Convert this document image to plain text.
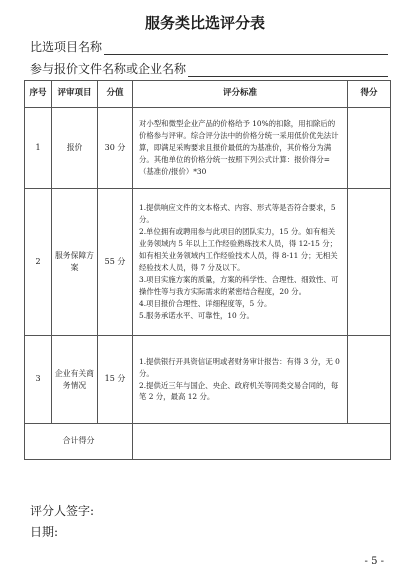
服务类比选评分表
比选项目名称
参与报价文件名称或企业名称
序号	评审项目	分值	评分标准	得分
1	报价	30 分	对小型和微型企业产品的价格给予 10%的扣除，用扣除后的价格参与评审。综合评分法中的价格分统一采用低价优先法计算，即满足采购要求且报价最低的为基准价，其价格分为满分。其他单位的价格分统一按照下列公式计算：报价得分=（基准价/报价）*30	

2	服务保障方案	55 分	1.提供响应文件的文本格式、内容、形式等是否符合要求，5 分。

2.单位拥有或聘用参与此项目的团队实力，15 分。如有相关业务领域内 5 年以上工作经验熟练技术人员，得 12-15 分；如有相关业务领域内工作经验技术人员，得 8-11 分；无相关经验技术人员，得 7 分及以下。

3.项目实施方案的质量，方案的科学性、合理性、细致性、可操作性等与我方实际需求的紧密结合程度，20 分。

4.项目报价合理性、详细程度等，5 分。

5.服务承诺水平、可靠性，10 分。	

3	企业有关商务情况	15 分	1.提供银行开具资信证明或者财务审计报告：有得 3 分，无 0 分。

2.提供近三年与国企、央企、政府机关等同类交易合同的，每笔 2 分，最高 12 分。	

合计得分				
评分人签字:
日期:
- 5 -
